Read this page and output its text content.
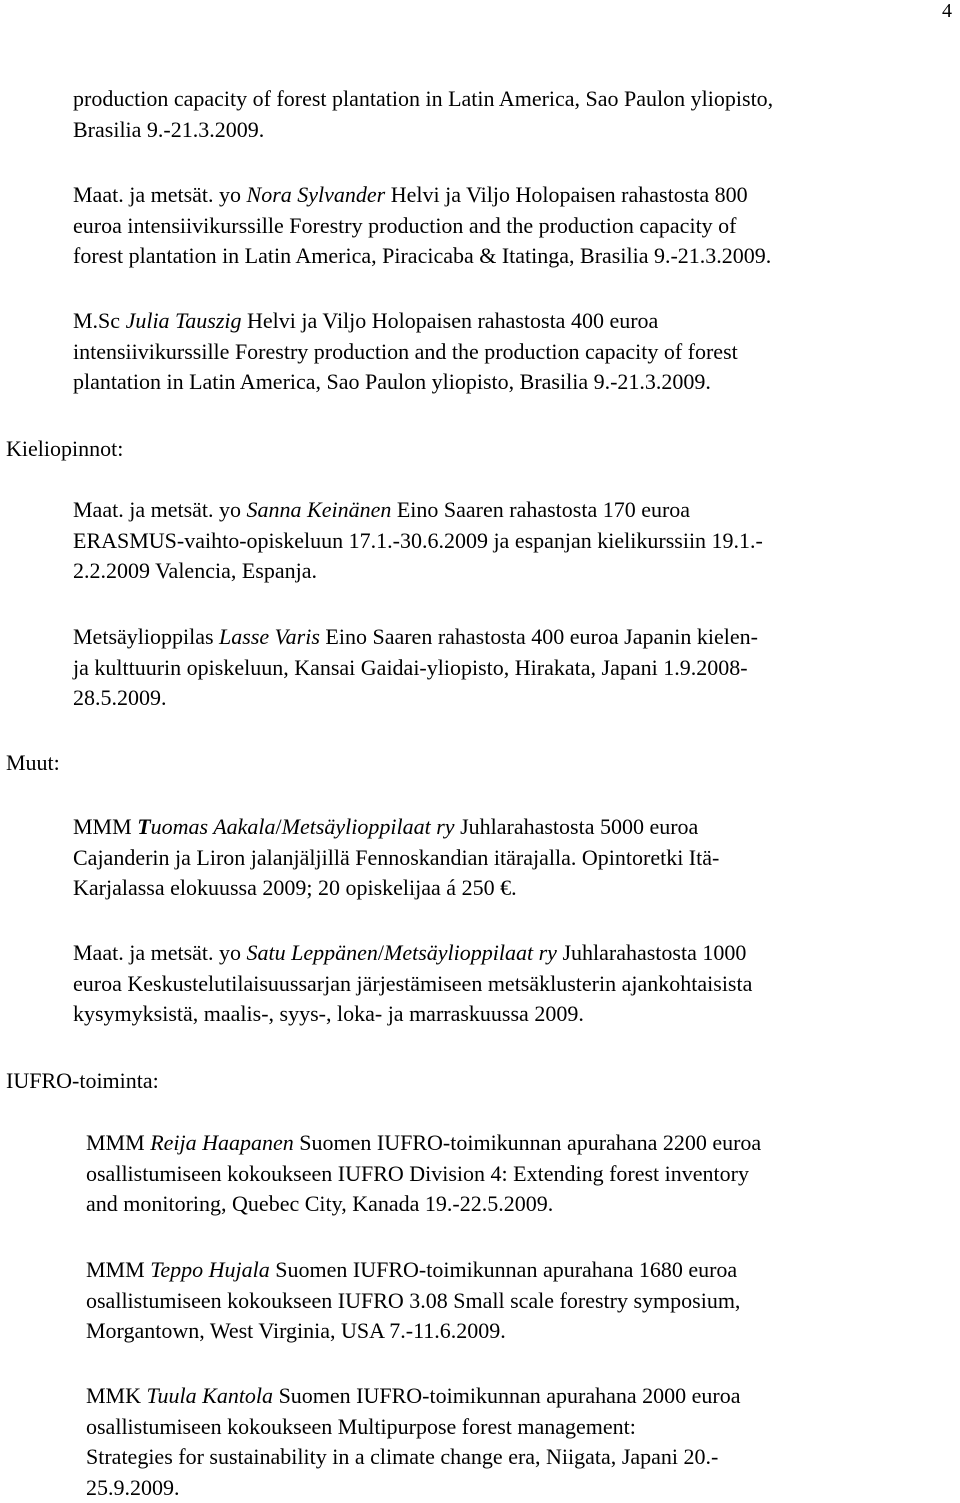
4
production capacity of forest plantation in Latin America, Sao Paulon yliopisto,
Brasilia 9.-21.3.2009.
Maat. ja metsät. yo Nora Sylvander Helvi ja Viljo Holopaisen rahastosta 800
euroa intensiivikurssille Forestry production and the production capacity of
forest plantation in Latin America, Piracicaba & Itatinga, Brasilia 9.-21.3.2009.
M.Sc Julia Tauszig Helvi ja Viljo Holopaisen rahastosta 400 euroa
intensiivikurssille Forestry production and the production capacity of forest
plantation in Latin America, Sao Paulon yliopisto, Brasilia 9.-21.3.2009.
Kieliopinnot:
Maat. ja metsät. yo Sanna Keinänen Eino Saaren rahastosta 170 euroa
ERASMUS-vaihto-opiskeluun 17.1.-30.6.2009 ja espanjan kielikurssiin 19.1.-
2.2.2009 Valencia, Espanja.
Metsäylioppilas Lasse Varis Eino Saaren rahastosta 400 euroa Japanin kielen-
ja kulttuurin opiskeluun, Kansai Gaidai-yliopisto, Hirakata, Japani 1.9.2008-
28.5.2009.
Muut:
MMM Tuomas Aakala/Metsäylioppilaat ry Juhlarahastosta 5000 euroa
Cajanderin ja Liron jalanjäljillä Fennoskandian itärajalla. Opintoretki Itä-
Karjalassa elokuussa 2009; 20 opiskelijaa á 250 €.
Maat. ja metsät. yo Satu Leppänen/Metsäylioppilaat ry Juhlarahastosta 1000
euroa Keskustelutilaisuussarjan järjestämiseen metsäklusterin ajankohtaisista
kysymyksistä, maalis-, syys-, loka- ja marraskuussa 2009.
IUFRO-toiminta:
MMM Reija Haapanen Suomen IUFRO-toimikunnan apurahana 2200 euroa
osallistumiseen kokoukseen IUFRO Division 4: Extending forest inventory
and monitoring, Quebec City, Kanada 19.-22.5.2009.
MMM Teppo Hujala Suomen IUFRO-toimikunnan apurahana 1680 euroa
osallistumiseen kokoukseen IUFRO 3.08 Small scale forestry symposium,
Morgantown, West Virginia, USA 7.-11.6.2009.
MMK Tuula Kantola Suomen IUFRO-toimikunnan apurahana 2000 euroa
osallistumiseen kokoukseen Multipurpose forest management:
Strategies for sustainability in a climate change era, Niigata, Japani 20.-
25.9.2009.
